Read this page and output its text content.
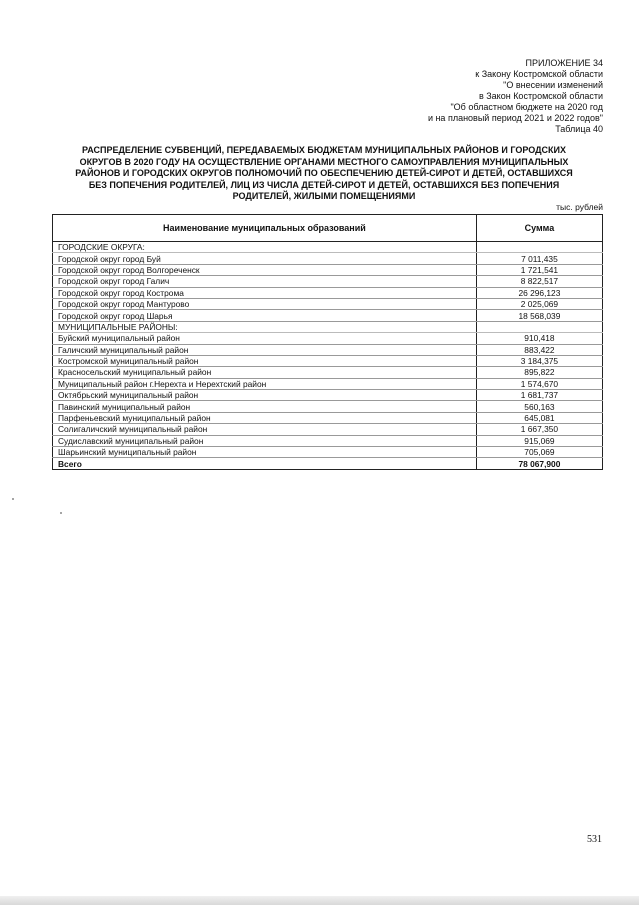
ПРИЛОЖЕНИЕ 34
к Закону Костромской области
"О внесении изменений
в Закон Костромской области
"Об областном бюджете на 2020 год
и на плановый период 2021 и 2022 годов"
Таблица 40
РАСПРЕДЕЛЕНИЕ СУБВЕНЦИЙ, ПЕРЕДАВАЕМЫХ БЮДЖЕТАМ МУНИЦИПАЛЬНЫХ РАЙОНОВ И ГОРОДСКИХ
ОКРУГОВ В 2020 ГОДУ НА ОСУЩЕСТВЛЕНИЕ ОРГАНАМИ МЕСТНОГО САМОУПРАВЛЕНИЯ МУНИЦИПАЛЬНЫХ
РАЙОНОВ И ГОРОДСКИХ ОКРУГОВ ПОЛНОМОЧИЙ ПО ОБЕСПЕЧЕНИЮ ДЕТЕЙ-СИРОТ И ДЕТЕЙ, ОСТАВШИХСЯ
БЕЗ ПОПЕЧЕНИЯ РОДИТЕЛЕЙ, ЛИЦ ИЗ ЧИСЛА ДЕТЕЙ-СИРОТ И ДЕТЕЙ, ОСТАВШИХСЯ БЕЗ ПОПЕЧЕНИЯ
РОДИТЕЛЕЙ, ЖИЛЫМИ ПОМЕЩЕНИЯМИ
тыс. рублей
Наименование муниципальных образований	Сумма
ГОРОДСКИЕ ОКРУГА:	
Городской округ город Буй	7 011,435
Городской округ город Волгореченск	1 721,541
Городской округ город Галич	8 822,517
Городской округ город Кострома	26 296,123
Городской округ город Мантурово	2 025,069
Городской округ город Шарья	18 568,039
МУНИЦИПАЛЬНЫЕ РАЙОНЫ:	
Буйский муниципальный район	910,418
Галичский муниципальный район	883,422
Костромской муниципальный район	3 184,375
Красносельский муниципальный район	895,822
Муниципальный район г.Нерехта и Нерехтский район	1 574,670
Октябрьский муниципальный район	1 681,737
Павинский муниципальный район	560,163
Парфеньевский муниципальный район	645,081
Солигаличский муниципальный район	1 667,350
Судиславский муниципальный район	915,069
Шарьинский муниципальный район	705,069
Всего	78 067,900
531
